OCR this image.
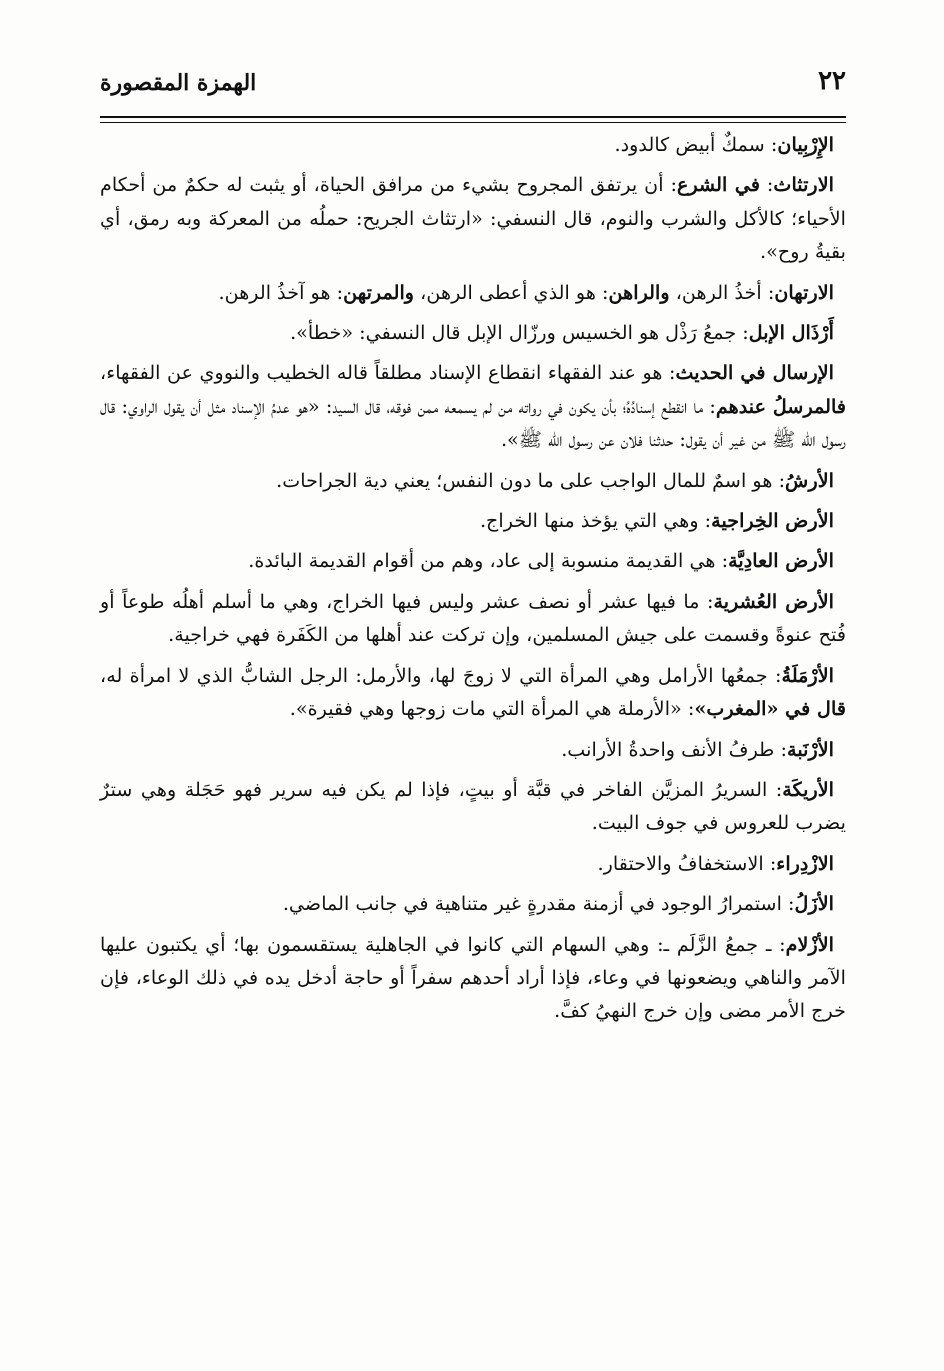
٢٢
الهمزة المقصورة

الإِرْبِيان: سمكٌ أبيض كالدود.

الارتثاث: في الشرع: أن يرتفق المجروح بشيء من مرافق الحياة، أو يثبت له حكمٌ من أحكام الأحياء؛ كالأكل والشرب والنوم، قال النسفي: «ارتثاث الجريح: حملُه من المعركة وبه رمق، أي بقيةُ روح».

الارتهان: أخذُ الرهن، والراهن: هو الذي أعطى الرهن، والمرتهن: هو آخذُ الرهن.

أَرْذَال الإبل: جمعُ رَذْل هو الخسيس ورزّال الإبل قال النسفي: «خطأ».

الإرسال في الحديث: هو عند الفقهاء انقطاع الإسناد مطلقاً قاله الخطيب والنووي عن الفقهاء، فالمرسلُ عندهم: ما انقطع إسنادُهُ؛ بأن يكون في رواته من لم يسمعه ممن فوقه، قال السيد: «هو عدمُ الإسناد مثل أن يقول الراوي: قال رسول الله ﷺ من غير أن يقول: حدثنا فلان عن رسول الله ﷺ».

الأرشُ: هو اسمٌ للمال الواجب على ما دون النفس؛ يعني دية الجراحات.

الأرض الخِراجية: وهي التي يؤخذ منها الخراج.

الأرض العادِيَّة: هي القديمة منسوبة إلى عاد، وهم من أقوام القديمة البائدة.

الأرض العُشرية: ما فيها عشر أو نصف عشر وليس فيها الخراج، وهي ما أسلم أهلُه طوعاً أو فُتح عنوةً وقسمت على جيش المسلمين، وإن تركت عند أهلها من الكَفَرة فهي خراجية.

الأرْمَلَةُ: جمعُها الأرامل وهي المرأة التي لا زوجَ لها، والأرمل: الرجل الشابُّ الذي لا امرأة له، قال في «المغرب»: «الأرملة هي المرأة التي مات زوجها وهي فقيرة».

الأرْنَبة: طرفُ الأنف واحدةُ الأرانب.

الأريكَة: السريرُ المزيَّن الفاخر في قبَّة أو بيتٍ، فإذا لم يكن فيه سرير فهو حَجَلة وهي سترٌ يضرب للعروس في جوف البيت.

الازْدِراء: الاستخفافُ والاحتقار.

الأزَلُ: استمرارُ الوجود في أزمنة مقدرةٍ غير متناهية في جانب الماضي.

الأزْلام: ـ جمعُ الزَّلَم ـ: وهي السهام التي كانوا في الجاهلية يستقسمون بها؛ أي يكتبون عليها الآمر والناهي ويضعونها في وعاء، فإذا أراد أحدهم سفراً أو حاجة أدخل يده في ذلك الوعاء، فإن خرج الأمر مضى وإن خرج النهيُ كفَّ.
